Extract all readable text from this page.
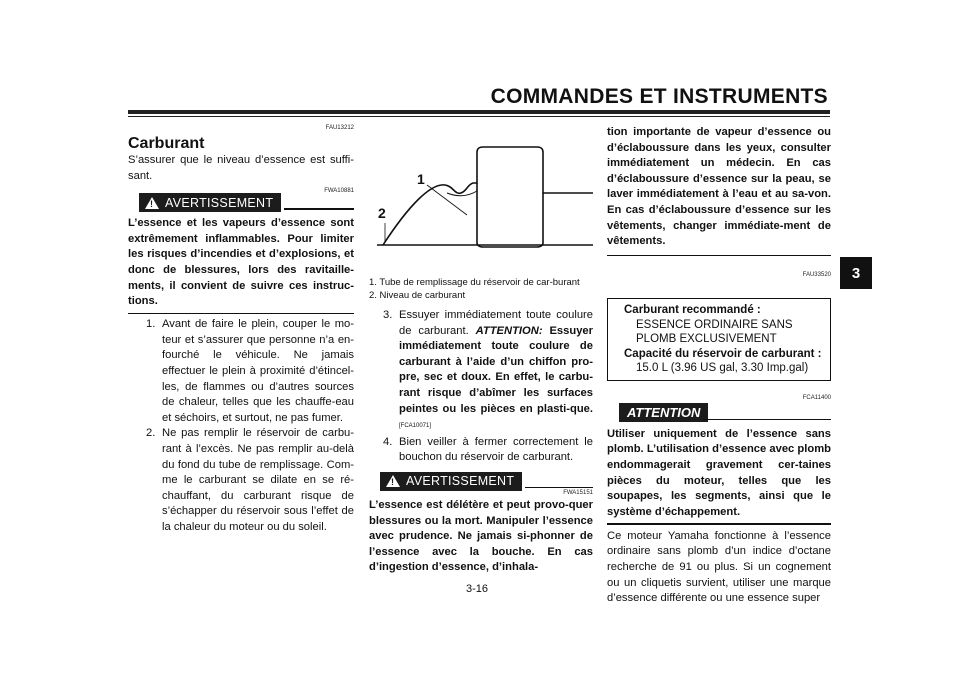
COMMANDES ET INSTRUMENTS
3
FAU13212
Carburant

S’assurer que le niveau d’essence est suffi-sant.

!
AVERTISSEMENT
FWA10881

L’essence et les vapeurs d’essence sont extrêmement inflammables. Pour limiter les risques d’incendies et d’explosions, et donc de blessures, lors des ravitaille-ments, il convient de suivre ces instruc-tions.

1. Avant de faire le plein, couper le mo-teur et s’assurer que personne n’a en-fourché le véhicule. Ne jamais effectuer le plein à proximité d’étincel-les, de flammes ou d’autres sources de chaleur, telles que les chauffe-eau et séchoirs, et surtout, ne pas fumer.
2. Ne pas remplir le réservoir de carbu-rant à l’excès. Ne pas remplir au-delà du fond du tube de remplissage. Com-me le carburant se dilate en se ré-chauffant, du carburant risque de s’échapper du réservoir sous l’effet de la chaleur du moteur ou du soleil.
1
2
1. Tube de remplissage du réservoir de car-burant
2. Niveau de carburant
3. Essuyer immédiatement toute coulure de carburant. ATTENTION: Essuyer immédiatement toute coulure de carburant à l’aide d’un chiffon pro-pre, sec et doux. En effet, le carbu-rant risque d’abîmer les surfaces peintes ou les pièces en plasti-que.[FCA10071]
4. Bien veiller à fermer correctement le bouchon du réservoir de carburant.
!
AVERTISSEMENT
FWA15151

L’essence est délétère et peut provo-quer blessures ou la mort. Manipuler l’essence avec prudence. Ne jamais si-phonner de l’essence avec la bouche. En cas d’ingestion d’essence, d’inhala-

tion importante de vapeur d’essence ou d’éclaboussure dans les yeux, consulter immédiatement un médecin. En cas d’éclaboussure d’essence sur la peau, se laver immédiatement à l’eau et au sa-von. En cas d’éclaboussure d’essence sur les vêtements, changer immédiate-ment de vêtements.

FAU33520
Carburant recommandé :
ESSENCE ORDINAIRE SANS
PLOMB EXCLUSIVEMENT
Capacité du réservoir de carburant :
15.0 L (3.96 US gal, 3.30 Imp.gal)
FCA11400
ATTENTION

Utiliser uniquement de l’essence sans plomb. L’utilisation d’essence avec plomb endommagerait gravement cer-taines pièces du moteur, telles que les soupapes, les segments, ainsi que le système d’échappement.

Ce moteur Yamaha fonctionne à l’essence ordinaire sans plomb d’un indice d’octane recherche de 91 ou plus. Si un cognement ou un cliquetis survient, utiliser une marque d’essence différente ou une essence super

3-16
